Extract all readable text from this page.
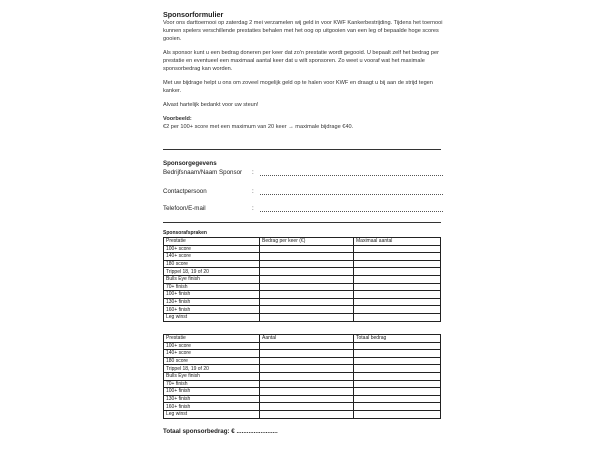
Sponsorformulier

Voor ons darttoernooi op zaterdag 2 mei verzamelen wij geld in voor KWF Kankerbestrijding. Tijdens het toernooi kunnen spelers verschillende prestaties behalen met het oog op uitgooien van een leg of bepaalde hoge scores gooien.

Als sponsor kunt u een bedrag doneren per keer dat zo'n prestatie wordt gegooid. U bepaalt zelf het bedrag per prestatie en eventueel een maximaal aantal keer dat u wilt sponsoren. Zo weet u vooraf wat het maximale sponsorbedrag kan worden.

Met uw bijdrage helpt u ons om zoveel mogelijk geld op te halen voor KWF en draagt u bij aan de strijd tegen kanker.

Alvast hartelijk bedankt voor uw steun!

Voorbeeld:

€2 per 100+ score met een maximum van 20 keer → maximale bijdrage €40.

Sponsorgegevens
Bedrijfsnaam/Naam Sponsor	:
Contactpersoon	:
Telefoon/E-mail	:
Sponsorafspraken
Prestatie	Bedrag per keer (€)	Maximaal aantal
100+ score		
140+ score		
180 score		
Trippel 18, 19 of 20		
Bulls Eye finish		
70+ finish		
100+ finish		
130+ finish		
160+ finish		
Leg winst		
Prestatie	Aantal	Totaal bedrag
100+ score		
140+ score		
180 score		
Trippel 18, 19 of 20		
Bulls Eye finish		
70+ finish		
100+ finish		
130+ finish		
160+ finish		
Leg winst		
Totaal sponsorbedrag: € ........................
